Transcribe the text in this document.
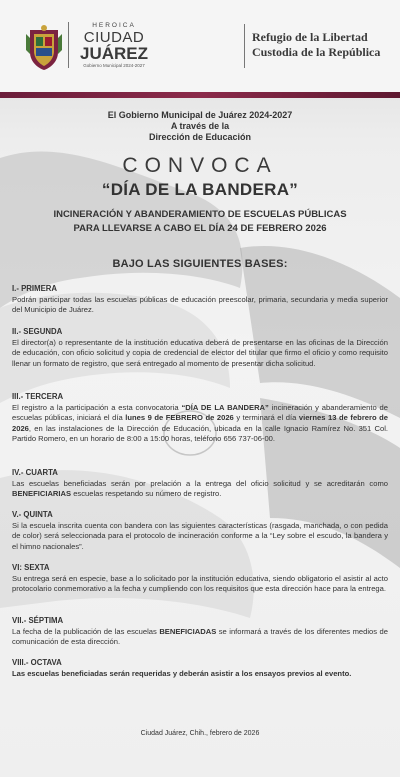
HEROICA
CIUDAD
JUÁREZ
Gobierno Municipal 2024-2027
Refugio de la Libertad
Custodia de la República
El Gobierno Municipal de Juárez 2024-2027
A través de la
Dirección de Educación
CONVOCA
“DÍA DE LA BANDERA”
INCINERACIÓN Y ABANDERAMIENTO DE ESCUELAS PÚBLICAS
PARA LLEVARSE A CABO EL DÍA 24 DE FEBRERO 2026
BAJO LAS SIGUIENTES BASES:
I.- PRIMERA
Podrán participar todas las escuelas públicas de educación preescolar, primaria, secundaria y media superior del Municipio de Juárez.
II.- SEGUNDA
El director(a) o representante de la institución educativa deberá de presentarse en las oficinas de la Dirección de educación, con oficio solicitud y copia de credencial de elector del titular que firmo el oficio y como requisito llenar un formato de registro, que será entregado al momento de presentar dicha solicitud.
III.- TERCERA
El registro a la participación a esta convocatoria “DÍA DE LA BANDERA” incineración y abanderamiento de escuelas públicas, iniciará el día lunes 9 de FEBRERO de 2026 y terminará el día viernes 13 de febrero de 2026, en las instalaciones de la Dirección de Educación, ubicada en la calle Ignacio Ramírez No. 351 Col. Partido Romero, en un horario de 8:00 a 15:00 horas, teléfono 656 737-06-00.
IV.- CUARTA
Las escuelas beneficiadas serán por prelación a la entrega del oficio solicitud y se acreditarán como BENEFICIARIAS escuelas respetando su número de registro.
V.- QUINTA
Si la escuela inscrita cuenta con bandera con las siguientes características (rasgada, manchada, o con pedida de color) será seleccionada para el protocolo de incineración conforme a la “Ley sobre el escudo, la bandera y el himno nacionales”.
VI: SEXTA
Su entrega será en especie, base a lo solicitado por la institución educativa, siendo obligatorio el asistir al acto protocolario conmemorativo a la fecha y cumpliendo con los requisitos que esta dirección hace para la entrega.
VII.- SÉPTIMA
La fecha de la publicación de las escuelas BENEFICIADAS se informará a través de los diferentes medios de comunicación de esta dirección.
VIII.- OCTAVA
Las escuelas beneficiadas serán requeridas y deberán asistir a los ensayos previos al evento.
Ciudad Juárez, Chih., febrero de 2026
